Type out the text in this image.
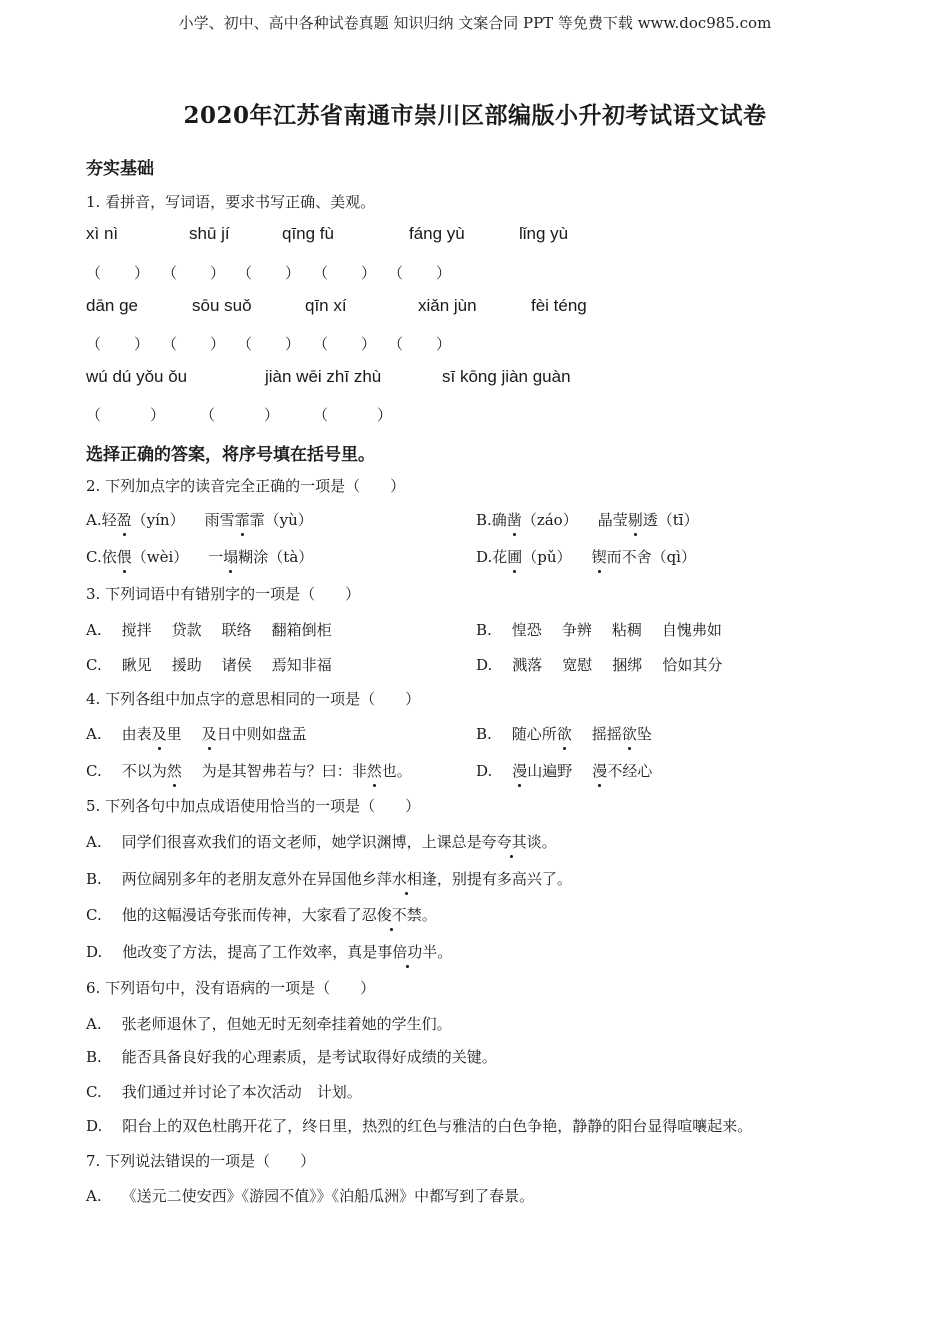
小学、初中、高中各种试卷真题 知识归纳 文案合同 PPT 等免费下载 www.doc985.com
2020年江苏省南通市崇川区部编版小升初考试语文试卷
夯实基础
1. 看拼音，写词语，要求书写正确、美观。
xì nì	shū jí	qīng fù	fáng yù	lǐng yù
（　　） （　　） （　　） （　　） （　　）
dān ge	sōu suǒ	qīn xí	xiǎn jùn	fèi téng
（　　） （　　） （　　） （　　） （　　）
wú dú yǒu ǒu	jiàn wēi zhī zhù	sī kōng jiàn guàn
（　　　） （　　　） （　　　）
选择正确的答案，将序号填在括号里。
2. 下列加点字的读音完全正确的一项是（　　）
A.轻盈（yín） 雨雪霏霏（yù）	B.确凿（záo） 晶莹剔透（tī）
C.依偎（wèi） 一塌糊涂（tà）	D.花圃（pǔ） 锲而不舍（qì）
3. 下列词语中有错别字的一项是（　　）
A. 搅拌 贷款 联络 翻箱倒柜	B. 惶恐 争辨 粘稠 自愧弗如
C. 瞅见 援助 诸侯 焉知非福	D. 溅落 宽慰 捆绑 恰如其分
4. 下列各组中加点字的意思相同的一项是（　　）
A. 由表及里 及日中则如盘盂	B. 随心所欲 摇摇欲坠
C. 不以为然 为是其智弗若与？曰：非然也。	D. 漫山遍野 漫不经心
5. 下列各句中加点成语使用恰当的一项是（　　）
A. 同学们很喜欢我们的语文老师，她学识渊博，上课总是夸夸其谈。
B. 两位阔别多年的老朋友意外在异国他乡萍水相逢，别提有多高兴了。
C. 他的这幅漫话夸张而传神，大家看了忍俊不禁。
D. 他改变了方法，提高了工作效率，真是事倍功半。
6. 下列语句中，没有语病的一项是（　　）
A. 张老师退休了，但她无时无刻牵挂着她的学生们。
B. 能否具备良好我的心理素质，是考试取得好成绩的关键。
C. 我们通过并讨论了本次活动　计划。
D. 阳台上的双色杜鹃开花了，终日里，热烈的红色与雅洁的白色争艳，静静的阳台显得喧嚷起来。
7. 下列说法错误的一项是（　　）
A. 《送元二使安西》《游园不值》》《泊船瓜洲》中都写到了春景。
